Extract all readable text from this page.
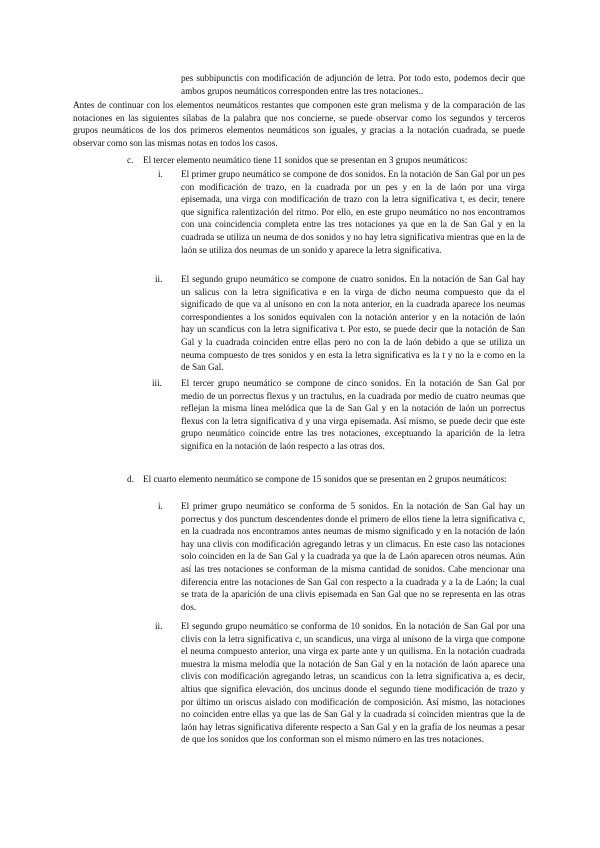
pes subbipunctis con modificación de adjunción de letra. Por todo esto, podemos decir que ambos grupos neumáticos corresponden entre las tres notaciones..

Antes de continuar con los elementos neumáticos restantes que componen este gran melisma y de la comparación de las notaciones en las siguientes sílabas de la palabra que nos concierne, se puede observar como los segundos y terceros grupos neumáticos de los dos primeros elementos neumáticos son iguales, y gracias a la notación cuadrada, se puede observar como son las mismas notas en todos los casos.

c. El tercer elemento neumático tiene 11 sonidos que se presentan en 3 grupos neumáticos:

i. El primer grupo neumático se compone de dos sonidos. En la notación de San Gal por un pes con modificación de trazo, en la cuadrada por un pes y en la de laón por una virga episemada, una virga con modificación de trazo con la letra significativa t, es decir, tenere que significa ralentización del ritmo. Por ello, en este grupo neumático no nos encontramos con una coincidencia completa entre las tres notaciones ya que en la de San Gal y en la cuadrada se utiliza un neuma de dos sonidos y no hay letra significativa mientras que en la de laón se utiliza dos neumas de un sonido y aparece la letra significativa.

ii. El segundo grupo neumático se compone de cuatro sonidos. En la notación de San Gal hay un salicus con la letra significativa e en la virga de dicho neuma compuesto que da el significado de que va al unísono en con la nota anterior, en la cuadrada aparece los neumas correspondientes a los sonidos equivalen con la notación anterior y en la notación de laón hay un scandicus con la letra significativa t. Por esto, se puede decir que la notación de San Gal y la cuadrada coinciden entre ellas pero no con la de laón debido a que se utiliza un neuma compuesto de tres sonidos y en esta la letra significativa es la t y no la e como en la de San Gal.

iii. El tercer grupo neumático se compone de cinco sonidos. En la notación de San Gal por medio de un porrectus flexus y un tractulus, en la cuadrada por medio de cuatro neumas que reflejan la misma línea melódica que la de San Gal y en la notación de laón un porrectus flexus con la letra significativa d y una virga episemada. Así mismo, se puede decir que este grupo neumático coincide entre las tres notaciones, exceptuando la aparición de la letra significa en la notación de laón respecto a las otras dos.

d. El cuarto elemento neumático se compone de 15 sonidos que se presentan en 2 grupos neumáticos:

i. El primer grupo neumático se conforma de 5 sonidos. En la notación de San Gal hay un porrectus y dos punctum descendentes donde el primero de ellos tiene la letra significativa c, en la cuadrada nos encontramos antes neumas de mismo significado y en la notación de laón hay una clivis con modificación agregando letras y un climacus. En este caso las notaciones solo coinciden en la de San Gal y la cuadrada ya que la de Laón aparecen otros neumas. Aún así las tres notaciones se conforman de la misma cantidad de sonidos. Cabe mencionar una diferencia entre las notaciones de San Gal con respecto a la cuadrada y a la de Laón; la cual se trata de la aparición de una clivis episemada en San Gal que no se representa en las otras dos.

ii. El segundo grupo neumático se conforma de 10 sonidos. En la notación de San Gal por una clivis con la letra significativa c, un scandicus, una virga al unísono de la virga que compone el neuma compuesto anterior, una virga ex parte ante y un quilisma. En la notación cuadrada muestra la misma melodía que la notación de San Gal y en la notación de laón aparece una clivis con modificación agregando letras, un scandicus con la letra significativa a, es decir, altius que significa elevación, dos uncinus donde el segundo tiene modificación de trazo y por último un oriscus aislado con modificación de composición. Así mismo, las notaciones no coinciden entre ellas ya que las de San Gal y la cuadrada sí coinciden mientras que la de laón hay letras significativa diferente respecto a San Gal y en la grafía de los neumas a pesar de que los sonidos que los conforman son el mismo número en las tres notaciones.
